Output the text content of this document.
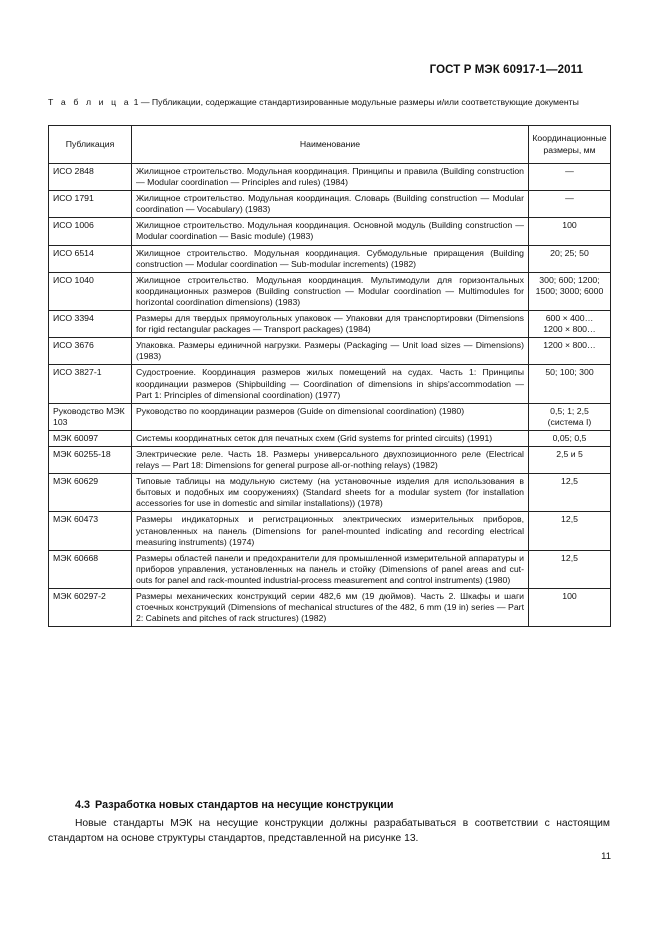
ГОСТ Р МЭК 60917-1—2011
Т а б л и ц а 1 — Публикации, содержащие стандартизированные модульные размеры и/или соответствующие документы
Публикация	Наименование	Координационные размеры, мм
ИСО 2848	Жилищное строительство. Модульная координация. Принципы и правила (Building construction — Modular coordination — Principles and rules) (1984)	—
ИСО 1791	Жилищное строительство. Модульная координация. Словарь (Building construction — Modular coordination — Vocabulary) (1983)	—
ИСО 1006	Жилищное строительство. Модульная координация. Основной модуль (Building construction — Modular coordination — Basic module) (1983)	100
ИСО 6514	Жилищное строительство. Модульная координация. Субмодульные приращения (Building construction — Modular coordination — Sub-modular increments) (1982)	20; 25; 50
ИСО 1040	Жилищное строительство. Модульная координация. Мультимодули для горизонтальных координационных размеров (Building construction — Modular coordination — Multimodules for horizontal coordination dimensions) (1983)	300; 600; 1200; 1500; 3000; 6000
ИСО 3394	Размеры для твердых прямоугольных упаковок — Упаковки для транспортировки (Dimensions for rigid rectangular packages — Transport packages) (1984)	600 × 400…
1200 × 800…
ИСО 3676	Упаковка. Размеры единичной нагрузки. Размеры (Packaging — Unit load sizes — Dimensions) (1983)	1200 × 800…
ИСО 3827-1	Судостроение. Координация размеров жилых помещений на судах. Часть 1: Принципы координации размеров (Shipbuilding — Coordination of dimensions in ships'accommodation — Part 1: Principles of dimensional coordination) (1977)	50; 100; 300
Руководство МЭК 103	Руководство по координации размеров (Guide on dimensional coordination) (1980)	0,5; 1; 2,5 (система I)
МЭК 60097	Системы координатных сеток для печатных схем (Grid systems for printed circuits) (1991)	0,05; 0,5
МЭК 60255-18	Электрические реле. Часть 18. Размеры универсального двухпозиционного реле (Electrical relays — Part 18: Dimensions for general purpose all-or-nothing relays) (1982)	2,5 и 5
МЭК 60629	Типовые таблицы на модульную систему (на установочные изделия для использования в бытовых и подобных им сооружениях) (Standard sheets for a modular system (for installation accessories for use in domestic and similar installations)) (1978)	12,5
МЭК 60473	Размеры индикаторных и регистрационных электрических измерительных приборов, установленных на панель (Dimensions for panel-mounted indicating and recording electrical measuring instruments) (1974)	12,5
МЭК 60668	Размеры областей панели и предохранители для промышленной измерительной аппаратуры и приборов управления, установленных на панель и стойку (Dimensions of panel areas and cut-outs for panel and rack-mounted industrial-process measurement and control instruments) (1980)	12,5
МЭК 60297-2	Размеры механических конструкций серии 482,6 мм (19 дюймов). Часть 2. Шкафы и шаги стоечных конструкций (Dimensions of mechanical structures of the 482, 6 mm (19 in) series — Part 2: Cabinets and pitches of rack structures) (1982)	100
4.3 Разработка новых стандартов на несущие конструкции
Новые стандарты МЭК на несущие конструкции должны разрабатываться в соответствии с настоящим стандартом на основе структуры стандартов, представленной на рисунке 13.
11
